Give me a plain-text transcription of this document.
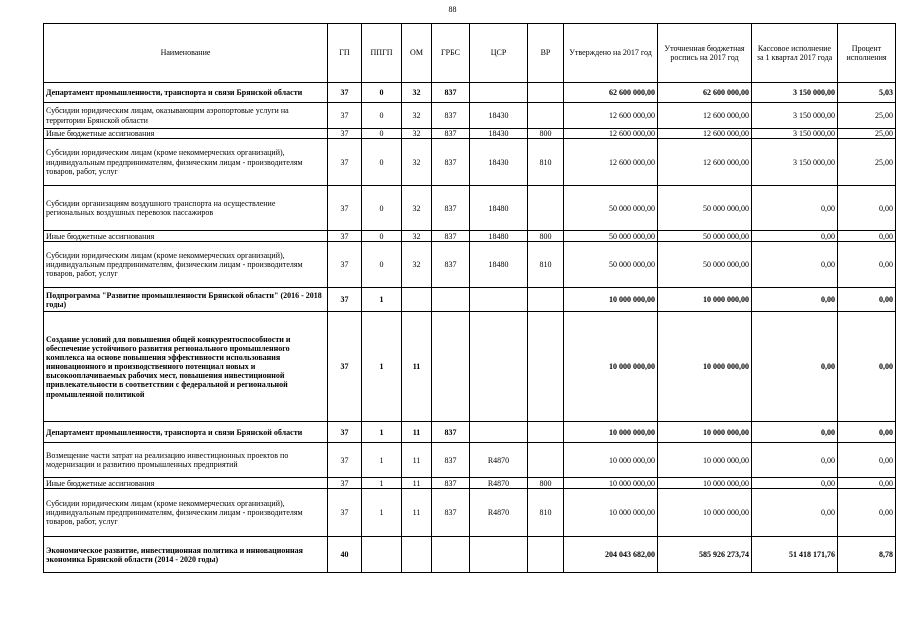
88
Наименование	ГП	ППГП	ОМ	ГРБС	ЦСР	ВР	Утверждено на 2017 год	Уточненная бюджетная роспись на 2017 год	Кассовое исполнение за 1 квартал 2017 года	Процент исполнения
Департамент промышленности, транспорта и связи Брянской области	37	0	32	837			62 600 000,00	62 600 000,00	3 150 000,00	5,03
Субсидии юридическим лицам, оказывающим аэропортовые услуги на территории Брянской области	37	0	32	837	18430		12 600 000,00	12 600 000,00	3 150 000,00	25,00
Иные бюджетные ассигнования	37	0	32	837	18430	800	12 600 000,00	12 600 000,00	3 150 000,00	25,00
Субсидии юридическим лицам (кроме некоммерческих организаций), индивидуальным предпринимателям, физическим лицам - производителям товаров, работ, услуг	37	0	32	837	18430	810	12 600 000,00	12 600 000,00	3 150 000,00	25,00
Субсидии организациям воздушного транспорта на осуществление региональных воздушных перевозок пассажиров	37	0	32	837	18480		50 000 000,00	50 000 000,00	0,00	0,00
Иные бюджетные ассигнования	37	0	32	837	18480	800	50 000 000,00	50 000 000,00	0,00	0,00
Субсидии юридическим лицам (кроме некоммерческих организаций), индивидуальным предпринимателям, физическим лицам - производителям товаров, работ, услуг	37	0	32	837	18480	810	50 000 000,00	50 000 000,00	0,00	0,00
Подпрограмма "Развитие промышленности Брянской области" (2016 - 2018 годы)	37	1					10 000 000,00	10 000 000,00	0,00	0,00
Создание условий для повышения общей конкурентоспособности и обеспечение устойчивого развития регионального промышленного комплекса на основе повышения эффективности использования инновационного и производственного потенциал новых и высокооплачиваемых рабочих мест, повышения инвестиционной привлекательности в соответствии с федеральной и региональной промышленной политикой	37	1	11				10 000 000,00	10 000 000,00	0,00	0,00
Департамент промышленности, транспорта и связи Брянской области	37	1	11	837			10 000 000,00	10 000 000,00	0,00	0,00
Возмещение части затрат на реализацию инвестиционных проектов по модернизации и развитию промышленных предприятий	37	1	11	837	R4870		10 000 000,00	10 000 000,00	0,00	0,00
Иные бюджетные ассигнования	37	1	11	837	R4870	800	10 000 000,00	10 000 000,00	0,00	0,00
Субсидии юридическим лицам (кроме некоммерческих организаций), индивидуальным предпринимателям, физическим лицам - производителям товаров, работ, услуг	37	1	11	837	R4870	810	10 000 000,00	10 000 000,00	0,00	0,00
Экономическое развитие, инвестиционная политика и инновационная экономика Брянской области (2014 - 2020 годы)	40						204 043 682,00	585 926 273,74	51 418 171,76	8,78
